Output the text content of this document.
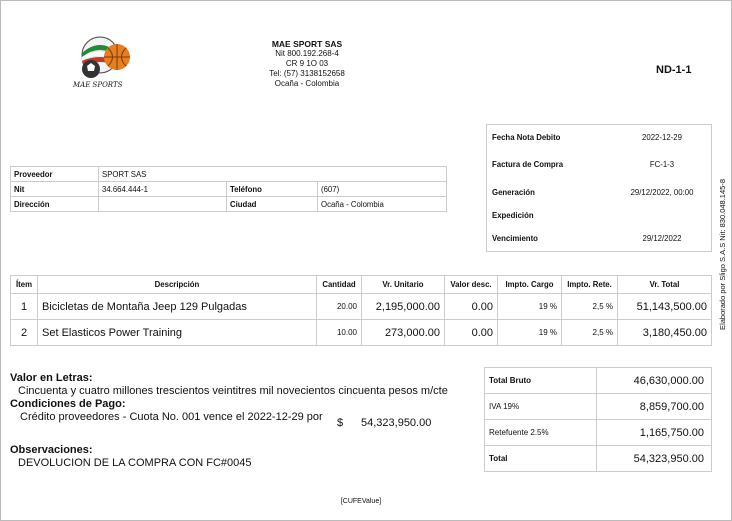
MAE SPORTS
MAE SPORT SAS
Nit 800.192.268-4
CR 9 1O 03
Tel: (57) 3138152658
Ocaña - Colombia
ND-1-1
Elaborado por Sligo S.A.S Nit: 830.048.145-8
Proveedor	SPORT SAS		
Nit	34.664.444-1	Teléfono	(607)
Dirección		Ciudad	Ocaña - Colombia
Fecha Nota Debito	2022-12-29
Factura de Compra	FC-1-3
Generación	29/12/2022, 00:00
Expedición
Vencimiento	29/12/2022
Ítem	Descripción	Cantidad	Vr. Unitario	Valor desc.	Impto. Cargo	Impto. Rete.	Vr. Total
1	Bicicletas de Montaña Jeep 129 Pulgadas	20.00	2,195,000.00	0.00	19 %	2,5 %	51,143,500.00
2	Set Elasticos Power Training	10.00	273,000.00	0.00	19 %	2,5 %	3,180,450.00
Valor en Letras:
Cincuenta y cuatro millones trescientos veintitres mil novecientos cincuenta pesos m/cte
Condiciones de Pago:
Crédito proveedores - Cuota No. 001 vence el 2022-12-29 por	$ 54,323,950.00
Observaciones:
DEVOLUCION DE LA COMPRA CON FC#0045
Total Bruto	46,630,000.00
IVA 19%	8,859,700.00
Retefuente 2.5%	1,165,750.00
Total	54,323,950.00
[CUFEValue]
